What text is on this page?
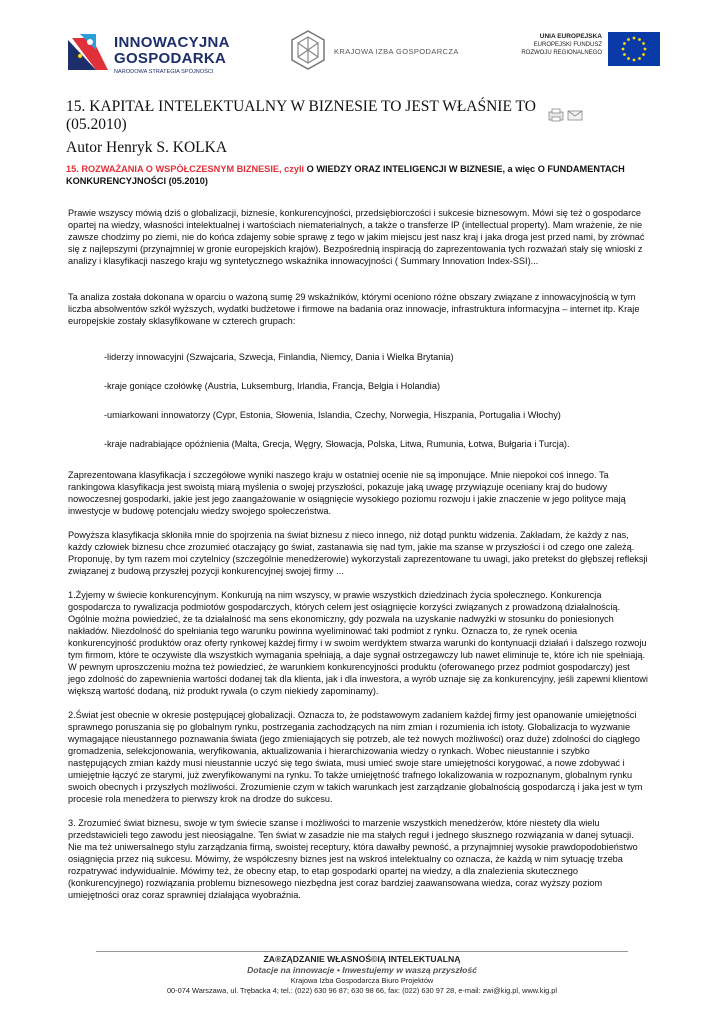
INNOWACYJNA
GOSPODARKA
NARODOWA STRATEGIA SPÓJNOŚCI
KRAJOWA IZBA GOSPODARCZA
UNIA EUROPEJSKA
EUROPEJSKI FUNDUSZ
ROZWOJU REGIONALNEGO
15. KAPITAŁ INTELEKTUALNY W BIZNESIE TO JEST WŁAŚNIE TO (05.2010)
Autor Henryk S. KOLKA
15. ROZWAŻANIA O WSPÓŁCZESNYM BIZNESIE, czyli O WIEDZY ORAZ INTELIGENCJI W BIZNESIE, a więc O FUNDAMENTACH KONKURENCYJNOŚCI (05.2010)

Prawie wszyscy mówią dziś o globalizacji, biznesie, konkurencyjności, przedsiębiorczości i sukcesie biznesowym. Mówi się też o gospodarce opartej na wiedzy, własności intelektualnej i wartościach niematerialnych, a także o transferze IP (intellectual property). Mam wrażenie, że nie zawsze chodzimy po ziemi, nie do końca zdajemy sobie sprawę z tego w jakim miejscu jest nasz kraj i jaka droga jest przed nami, by zrównać się z najlepszymi (przynajmniej w gronie europejskich krajów). Bezpośrednią inspiracją do zaprezentowania tych rozważań stały się wnioski z analizy i klasyfikacji naszego kraju wg syntetycznego wskaźnika innowacyjności ( Summary Innovation Index-SSI)...

Ta analiza została dokonana w oparciu o ważoną sumę 29 wskaźników, którymi oceniono różne obszary związane z innowacyjnością w tym liczba absolwentów szkół wyższych, wydatki budżetowe i firmowe na badania oraz innowacje, infrastruktura informacyjna – internet itp. Kraje europejskie zostały sklasyfikowane w czterech grupach:

-liderzy innowacyjni (Szwajcaria, Szwecja, Finlandia, Niemcy, Dania i Wielka Brytania)

-kraje goniące czołówkę (Austria, Luksemburg, Irlandia, Francja, Belgia i Holandia)

-umiarkowani innowatorzy (Cypr, Estonia, Słowenia, Islandia, Czechy, Norwegia, Hiszpania, Portugalia i Włochy)

-kraje nadrabiające opóźnienia (Malta, Grecja, Węgry, Słowacja, Polska, Litwa, Rumunia, Łotwa, Bułgaria i Turcja).

Zaprezentowana klasyfikacja i szczegółowe wyniki naszego kraju w ostatniej ocenie nie są imponujące. Mnie niepokoi coś innego. Ta rankingowa klasyfikacja jest swoistą miarą myślenia o swojej przyszłości, pokazuje jaką uwagę przywiązuje oceniany kraj do budowy nowoczesnej gospodarki, jakie jest jego zaangażowanie w osiągnięcie wysokiego poziomu rozwoju i jakie znaczenie w jego polityce mają inwestycje w budowę potencjału wiedzy swojego społeczeństwa.

Powyższa klasyfikacja skłoniła mnie do spojrzenia na świat biznesu z nieco innego, niż dotąd punktu widzenia. Zakładam, że każdy z nas, każdy człowiek biznesu chce zrozumieć otaczający go świat, zastanawia się nad tym, jakie ma szanse w przyszłości i od czego one zależą. Proponuję, by tym razem moi czytelnicy (szczególnie menedżerowie) wykorzystali zaprezentowane tu uwagi, jako pretekst do głębszej refleksji związanej z budową przyszłej pozycji konkurencyjnej swojej firmy ...

1.Żyjemy w świecie konkurencyjnym. Konkurują na nim wszyscy, w prawie wszystkich dziedzinach życia społecznego. Konkurencja gospodarcza to rywalizacja podmiotów gospodarczych, których celem jest osiągnięcie korzyści związanych z prowadzoną działalnością. Ogólnie można powiedzieć, że ta działalność ma sens ekonomiczny, gdy pozwala na uzyskanie nadwyżki w stosunku do poniesionych nakładów. Niezdolność do spełniania tego warunku powinna wyeliminować taki podmiot z rynku. Oznacza to, że rynek ocenia konkurencyjność produktów oraz oferty rynkowej każdej firmy i w swoim werdyktem stwarza warunki do kontynuacji działań i dalszego rozwoju tym firmom, które te oczywiste dla wszystkich wymagania spełniają, a daje sygnał ostrzegawczy lub nawet eliminuje te, które ich nie spełniają. W pewnym uproszczeniu można też powiedzieć, że warunkiem konkurencyjności produktu (oferowanego przez podmiot gospodarczy) jest jego zdolność do zapewnienia wartości dodanej tak dla klienta, jak i dla inwestora, a wyrób uznaje się za konkurencyjny, jeśli zapewni klientowi większą wartość dodaną, niż produkt rywala (o czym niekiedy zapominamy).

2.Świat jest obecnie w okresie postępującej globalizacji. Oznacza to, że podstawowym zadaniem każdej firmy jest opanowanie umiejętności sprawnego poruszania się po globalnym rynku, postrzegania zachodzących na nim zmian i rozumienia ich istoty. Globalizacja to wyzwanie wymagające nieustannego poznawania świata (jego zmieniających się potrzeb, ale też nowych możliwości) oraz duże) zdolności do ciągłego gromadzenia, selekcjonowania, weryfikowania, aktualizowania i hierarchizowania wiedzy o rynkach. Wobec nieustannie i szybko następujących zmian każdy musi nieustannie uczyć się tego świata, musi umieć swoje stare umiejętności korygować, a nowe zdobywać i umiejętnie łączyć ze starymi, już zweryfikowanymi na rynku. To także umiejętność trafnego lokalizowania w rozpoznanym, globalnym rynku swoich obecnych i przyszłych możliwości. Zrozumienie czym w takich warunkach jest zarządzanie globalnością gospodarczą i jaka jest w tym procesie rola menedżera to pierwszy krok na drodze do sukcesu.

3. Zrozumieć świat biznesu, swoje w tym świecie szanse i możliwości to marzenie wszystkich menedżerów, które niestety dla wielu przedstawicieli tego zawodu jest nieosiągalne. Ten świat w zasadzie nie ma stałych reguł i jednego słusznego rozwiązania w danej sytuacji. Nie ma też uniwersalnego stylu zarządzania firmą, swoistej receptury, która dawałby pewność, a przynajmniej wysokie prawdopodobieństwo osiągnięcia przez nią sukcesu. Mówimy, że współczesny biznes jest na wskroś intelektualny co oznacza, że każdą w nim sytuację trzeba rozpatrywać indywidualnie. Mówimy też, że obecny etap, to etap gospodarki opartej na wiedzy, a dla znalezienia skutecznego (konkurencyjnego) rozwiązania problemu biznesowego niezbędna jest coraz bardziej zaawansowana wiedza, coraz wyższy poziom umiejętności oraz coraz sprawniej działająca wyobraźnia.

ZA®ZĄDZANIE WŁASNOŚ©IĄ INTELEKTUALNĄ
Dotacje na innowacje • Inwestujemy w waszą przyszłość
Krajowa Izba Gospodarcza Biuro Projektów
00-074 Warszawa, ul. Trębacka 4; tel.: (022) 630 96 87; 630 98 66, fax: (022) 630 97 28, e-mail: zwi@kig.pl, www.kig.pl
